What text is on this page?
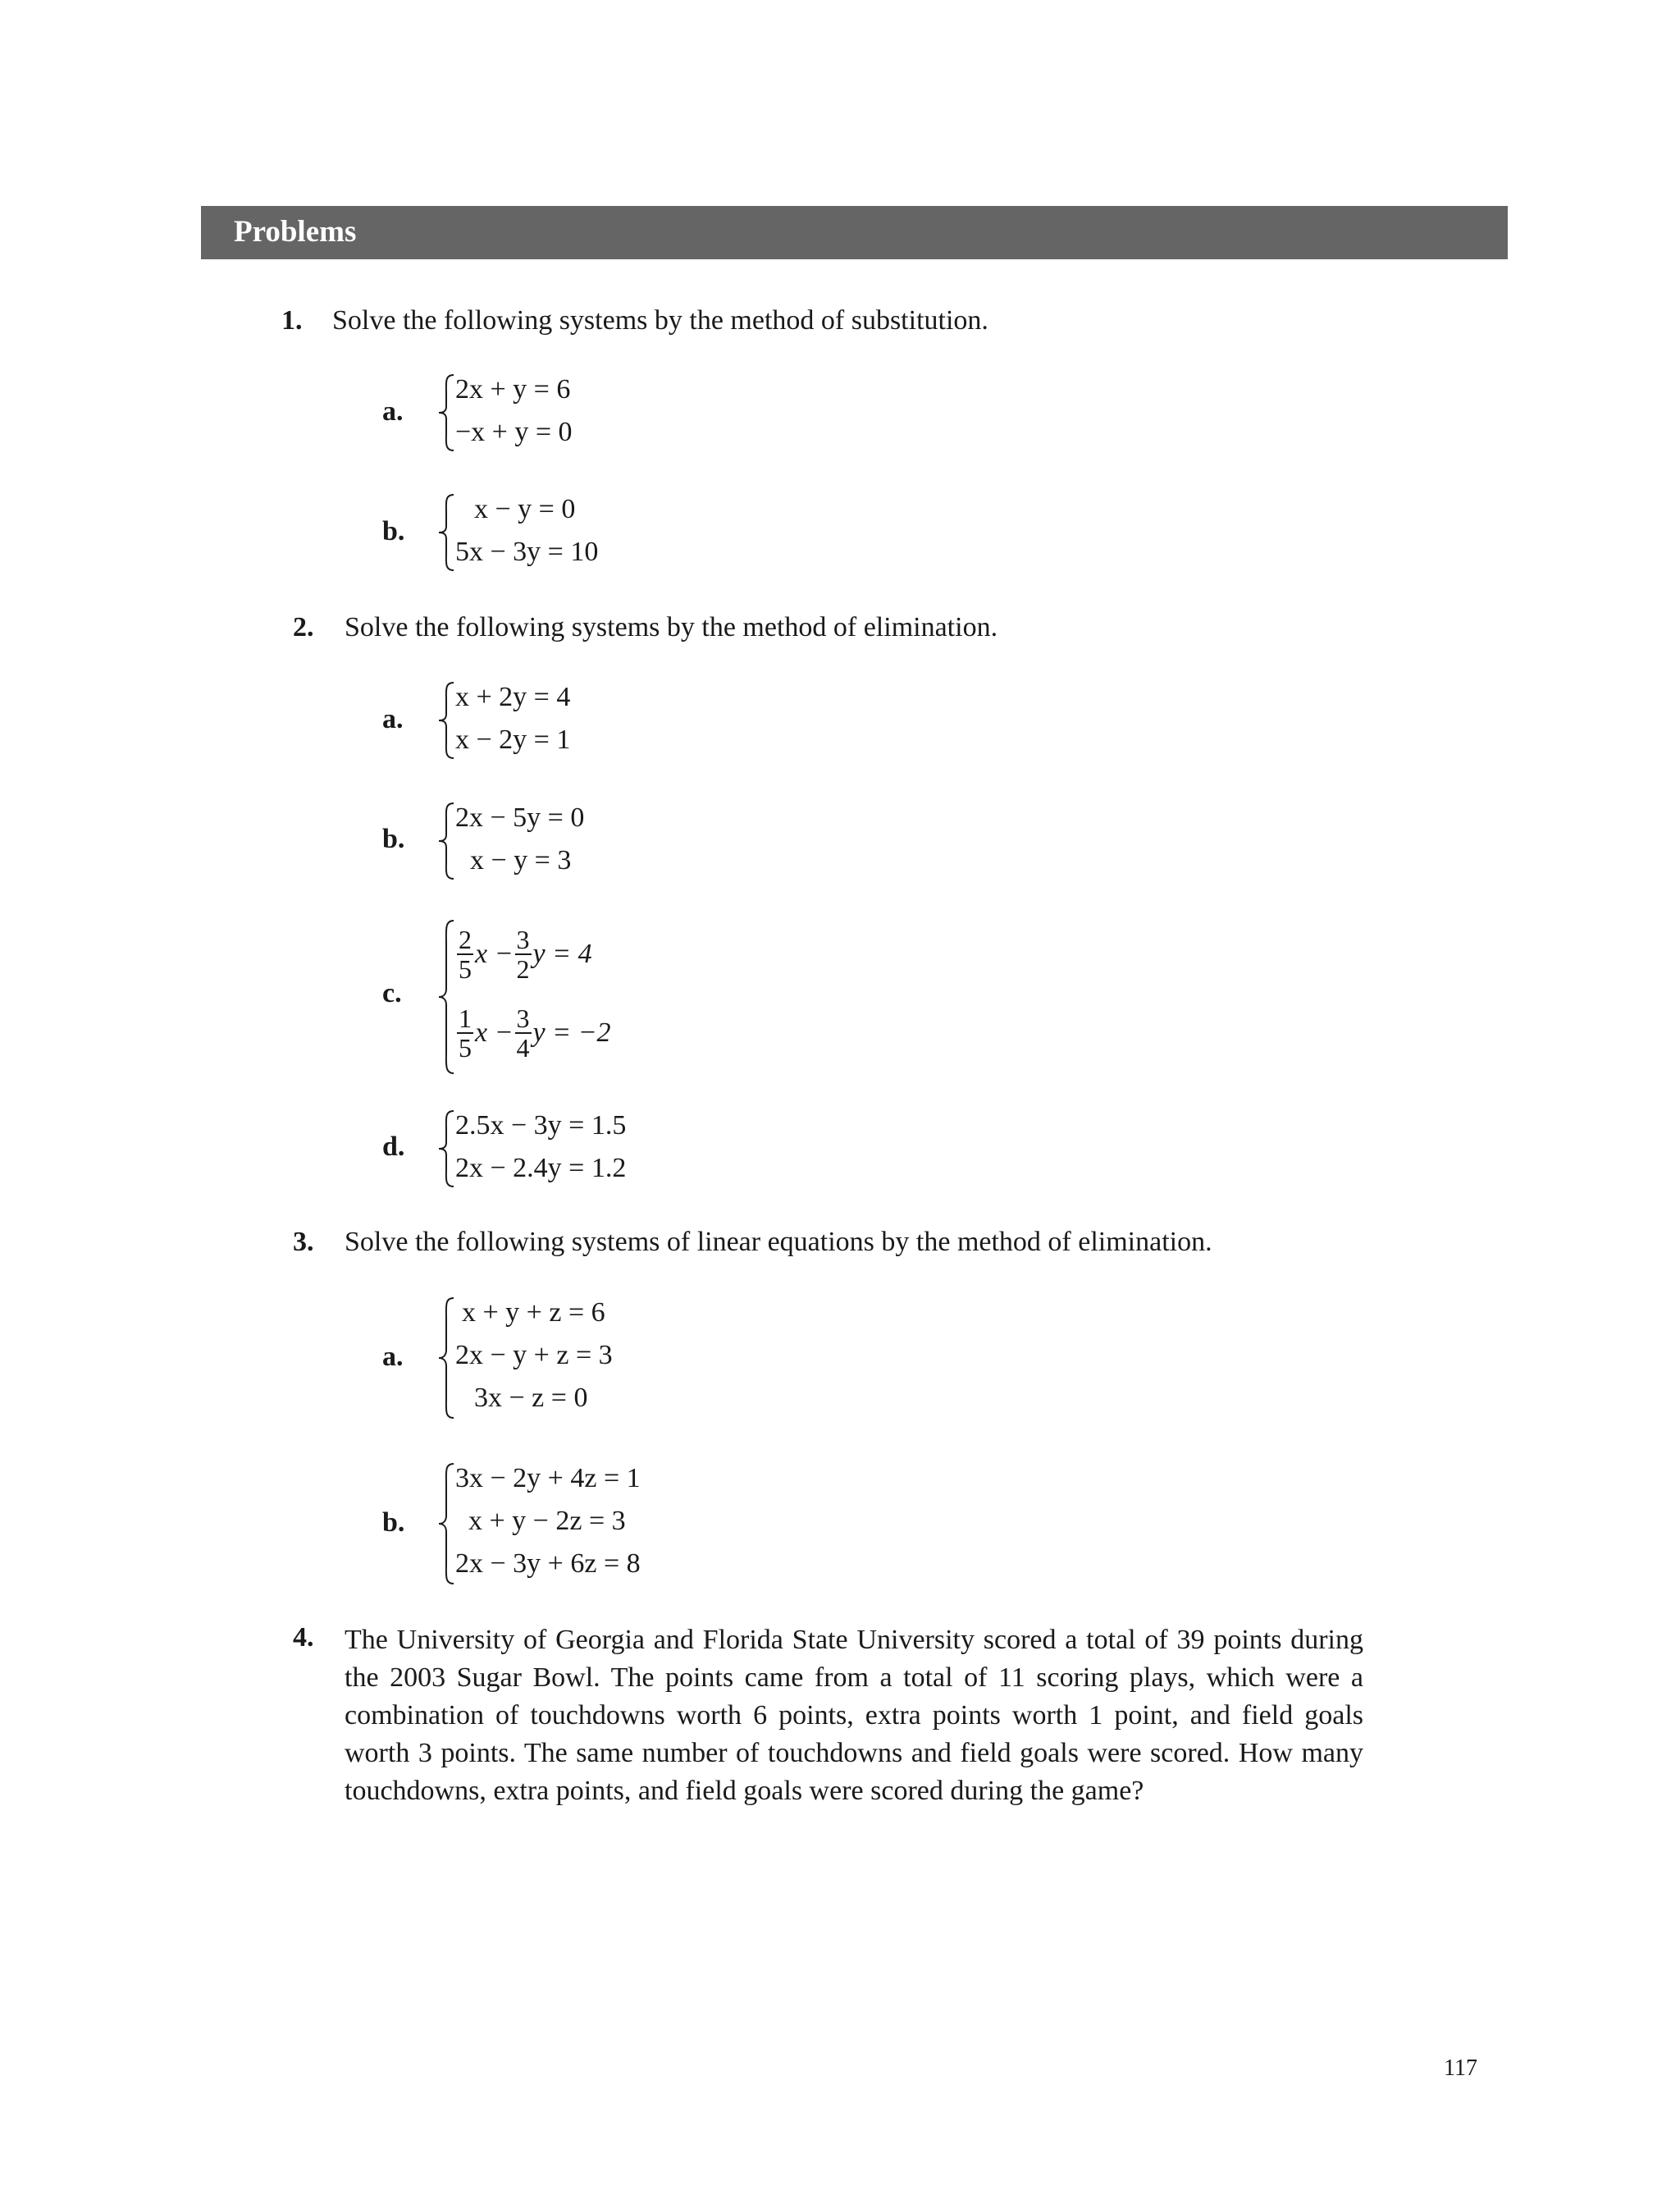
Problems
1. Solve the following systems by the method of substitution.
a.
2x + y = 6
−x + y = 0
b.
x − y = 0
5x − 3y = 10
2. Solve the following systems by the method of elimination.
a.
x + 2y = 4
x − 2y = 1
b.
2x − 5y = 0
x − y = 3
c.
$\frac{2}{5}$ $x - \frac{3}{2}$ y = 4
$\frac{1}{5}$ $x - \frac{3}{4}$ y = −2
d.
2.5x − 3y = 1.5
2x − 2.4y = 1.2
3. Solve the following systems of linear equations by the method of elimination.
a.
x + y + z = 6
2x − y + z = 3
3x − z = 0
b.
3x − 2y + 4z = 1
x + y − 2z = 3
2x − 3y + 6z = 8
4. The University of Georgia and Florida State University scored a total of 39 points during the 2003 Sugar Bowl. The points came from a total of 11 scoring plays, which were a combination of touchdowns worth 6 points, extra points worth 1 point, and field goals worth 3 points. The same number of touchdowns and field goals were scored. How many touchdowns, extra points, and field goals were scored during the game?
117
